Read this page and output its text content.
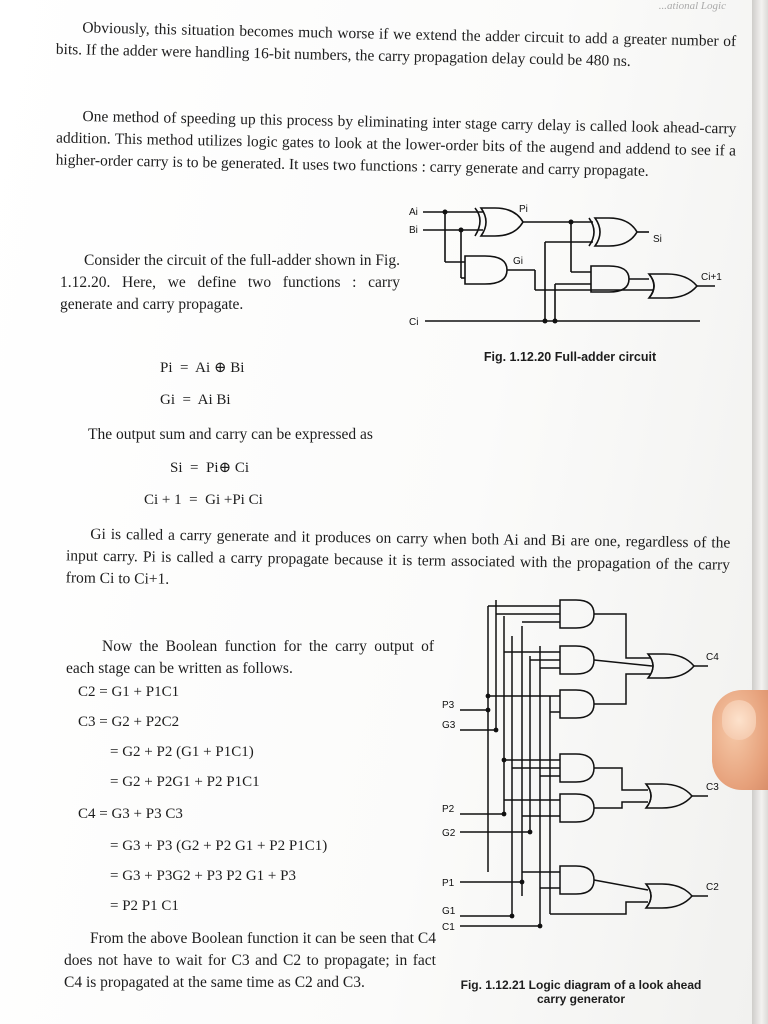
...ational Logic

Obviously, this situation becomes much worse if we extend the adder circuit to add a greater number of bits. If the adder were handling 16-bit numbers, the carry propagation delay could be 480 ns.

One method of speeding up this process by eliminating inter stage carry delay is called look ahead-carry addition. This method utilizes logic gates to look at the lower-order bits of the augend and addend to see if a higher-order carry is to be generated. It uses two functions : carry generate and carry propagate.

Consider the circuit of the full-adder shown in Fig. 1.12.20. Here, we define two functions : carry generate and carry propagate.

Ai
Bi
Ci
Pi
Gi
Si
Ci+1
Fig. 1.12.20 Full-adder circuit
Pi  =  Ai ⊕ Bi
Gi  =  Ai Bi

The output sum and carry can be expressed as

Si  =  Pi⊕ Ci
Ci + 1  =  Gi +Pi Ci

Gi is called a carry generate and it produces on carry when both Ai and Bi are one, regardless of the input carry. Pi is called a carry propagate because it is term associated with the propagation of the carry from Ci to Ci+1.

Now the Boolean function for the carry output of each stage can be written as follows.

C2 = G1 + P1C1
C3 = G2 + P2C2
= G2 + P2 (G1 + P1C1)
= G2 + P2G1 + P2 P1C1
C4 = G3 + P3 C3
= G3 + P3 (G2 + P2 G1 + P2 P1C1)
= G3 + P3G2 + P3 P2 G1 + P3
= P2 P1 C1

From the above Boolean function it can be seen that C4 does not have to wait for C3 and C2 to propagate; in fact C4 is propagated at the same time as C2 and C3.

P3
G3
P2
G2
P1
G1
C1
C4
C3
C2
Fig. 1.12.21 Logic diagram of a look ahead carry generator
